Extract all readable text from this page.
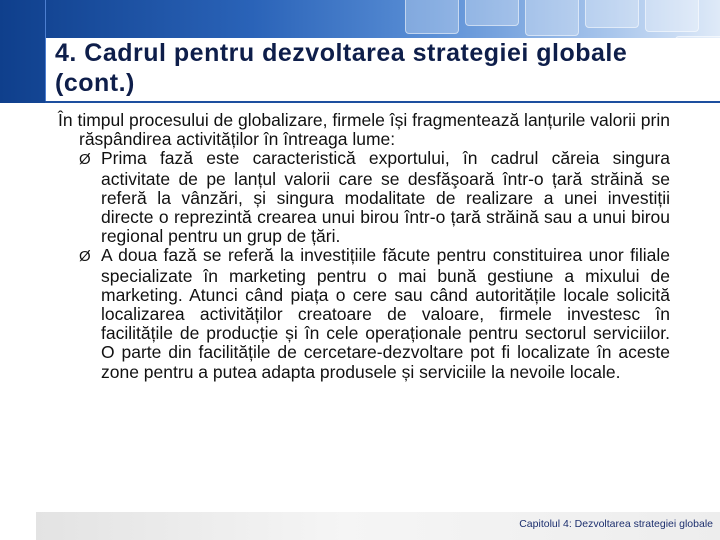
4. Cadrul pentru dezvoltarea strategiei globale (cont.)

În timpul procesului de globalizare, firmele își fragmentează lanțurile valorii prin răspândirea activităților în întreaga lume:

Ø Prima fază este caracteristică exportului, în cadrul căreia singura activitate de pe lanțul valorii care se desfăşoară într-o țară străină se referă la vânzări, și singura modalitate de realizare a unei investiții directe o reprezintă crearea unui birou într-o țară străină sau a unui birou regional pentru un grup de țări.

Ø A doua fază se referă la investițiile făcute pentru constituirea unor filiale specializate în marketing pentru o mai bună gestiune a mixului de marketing. Atunci când piața o cere sau când autoritățile locale solicită localizarea activităților creatoare de valoare, firmele investesc în facilitățile de producție și în cele operaționale pentru sectorul serviciilor. O parte din facilitățile de cercetare-dezvoltare pot fi localizate în aceste zone pentru a putea adapta produsele și serviciile la nevoile locale.

Capitolul 4: Dezvoltarea strategiei globale
